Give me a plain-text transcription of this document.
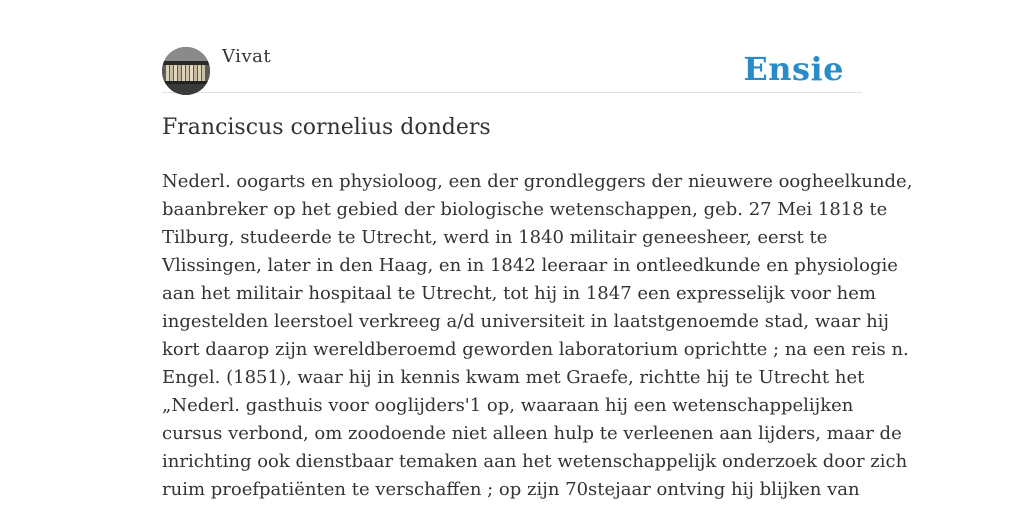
Vivat	Ensie
Franciscus cornelius donders
Nederl. oogarts en physioloog, een der grondleggers der nieuwere oogheelkunde,
baanbreker op het gebied der biologische wetenschappen, geb. 27 Mei 1818 te
Tilburg, studeerde te Utrecht, werd in 1840 militair geneesheer, eerst te
Vlissingen, later in den Haag, en in 1842 leeraar in ontleedkunde en physiologie
aan het militair hospitaal te Utrecht, tot hij in 1847 een expresselijk voor hem
ingestelden leerstoel verkreeg a/d universiteit in laatstgenoemde stad, waar hij
kort daarop zijn wereldberoemd geworden laboratorium oprichtte ; na een reis n.
Engel. (1851), waar hij in kennis kwam met Graefe, richtte hij te Utrecht het
„Nederl. gasthuis voor ooglijders'1 op, waaraan hij een wetenschappelijken
cursus verbond, om zoodoende niet alleen hulp te verleenen aan lijders, maar de
inrichting ook dienstbaar temaken aan het wetenschappelijk onderzoek door zich
ruim proefpatiënten te verschaffen ; op zijn 70stejaar ontving hij blijken van
